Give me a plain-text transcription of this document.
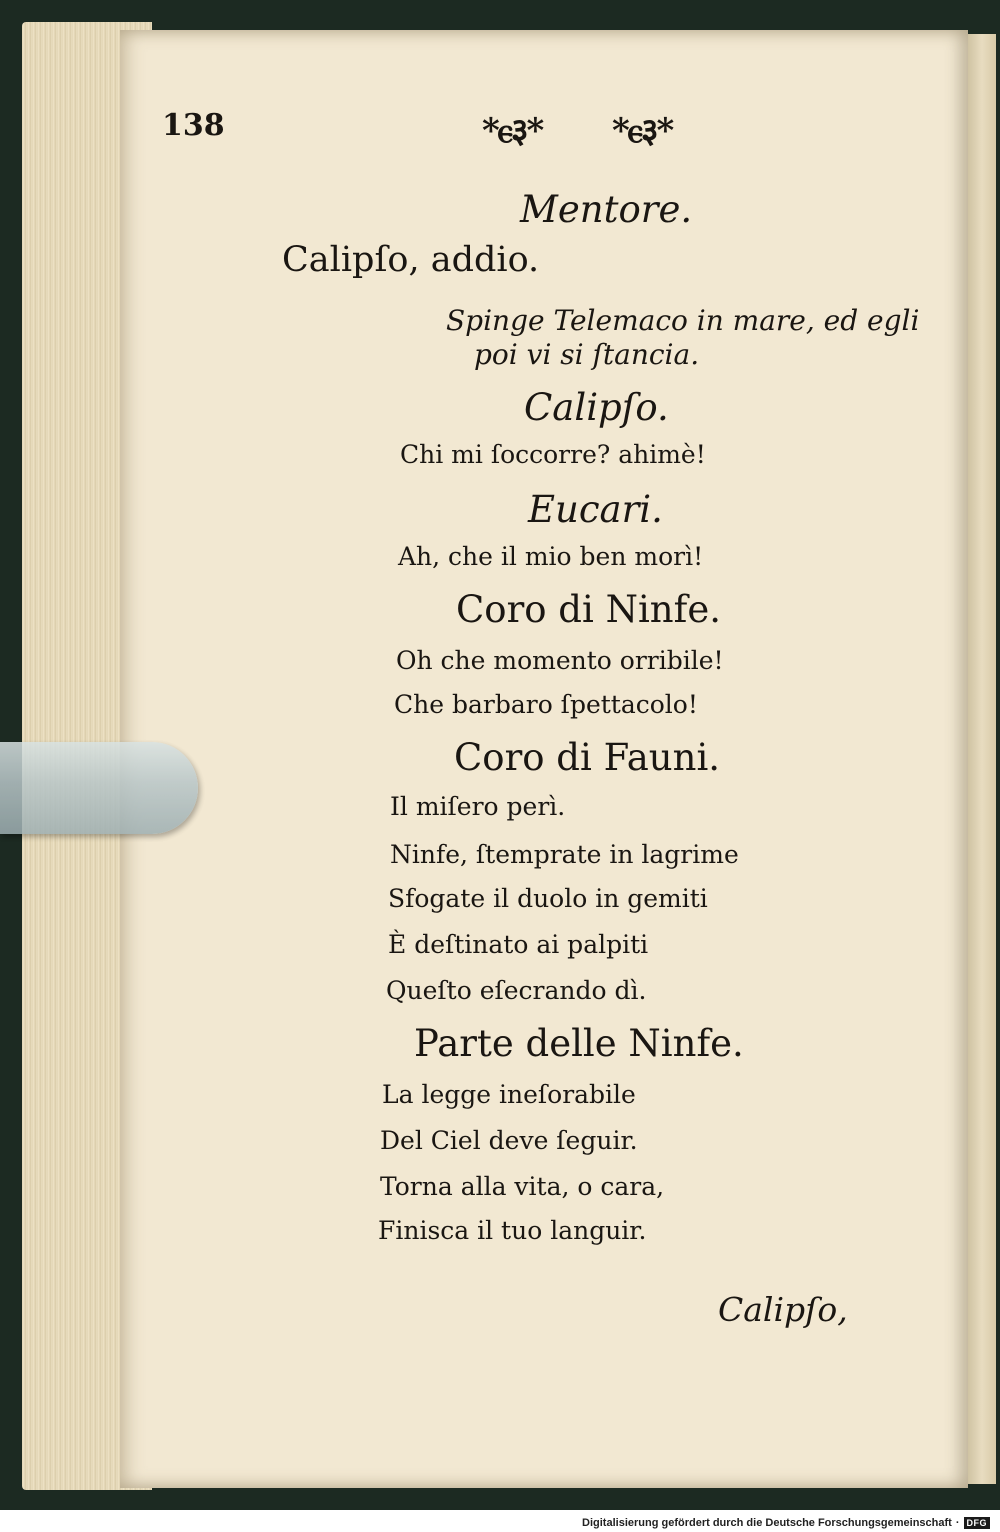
138	*ⲉ३* *ⲉ३*
Mentore.
Calipſo, addio.
Spinge Telemaco in mare, ed egli
poi vi si ſtancia.
Calipſo.
Chi mi ſoccorre? ahimè!
Eucari.
Ah, che il mio ben morì!
Coro di Ninfe.
Oh che momento orribile!
Che barbaro ſpettacolo!
Coro di Fauni.
Il miſero perì.
Ninfe, ſtemprate in lagrime
Sfogate il duolo in gemiti
È deſtinato ai palpiti
Queſto eſecrando dì.
Parte delle Ninfe.
La legge ineſorabile
Del Ciel deve ſeguir.
Torna alla vita, o cara,
Finisca il tuo languir.
Calipſo,
Digitalisierung gefördert durch die Deutsche Forschungsgemeinschaft · DFG
